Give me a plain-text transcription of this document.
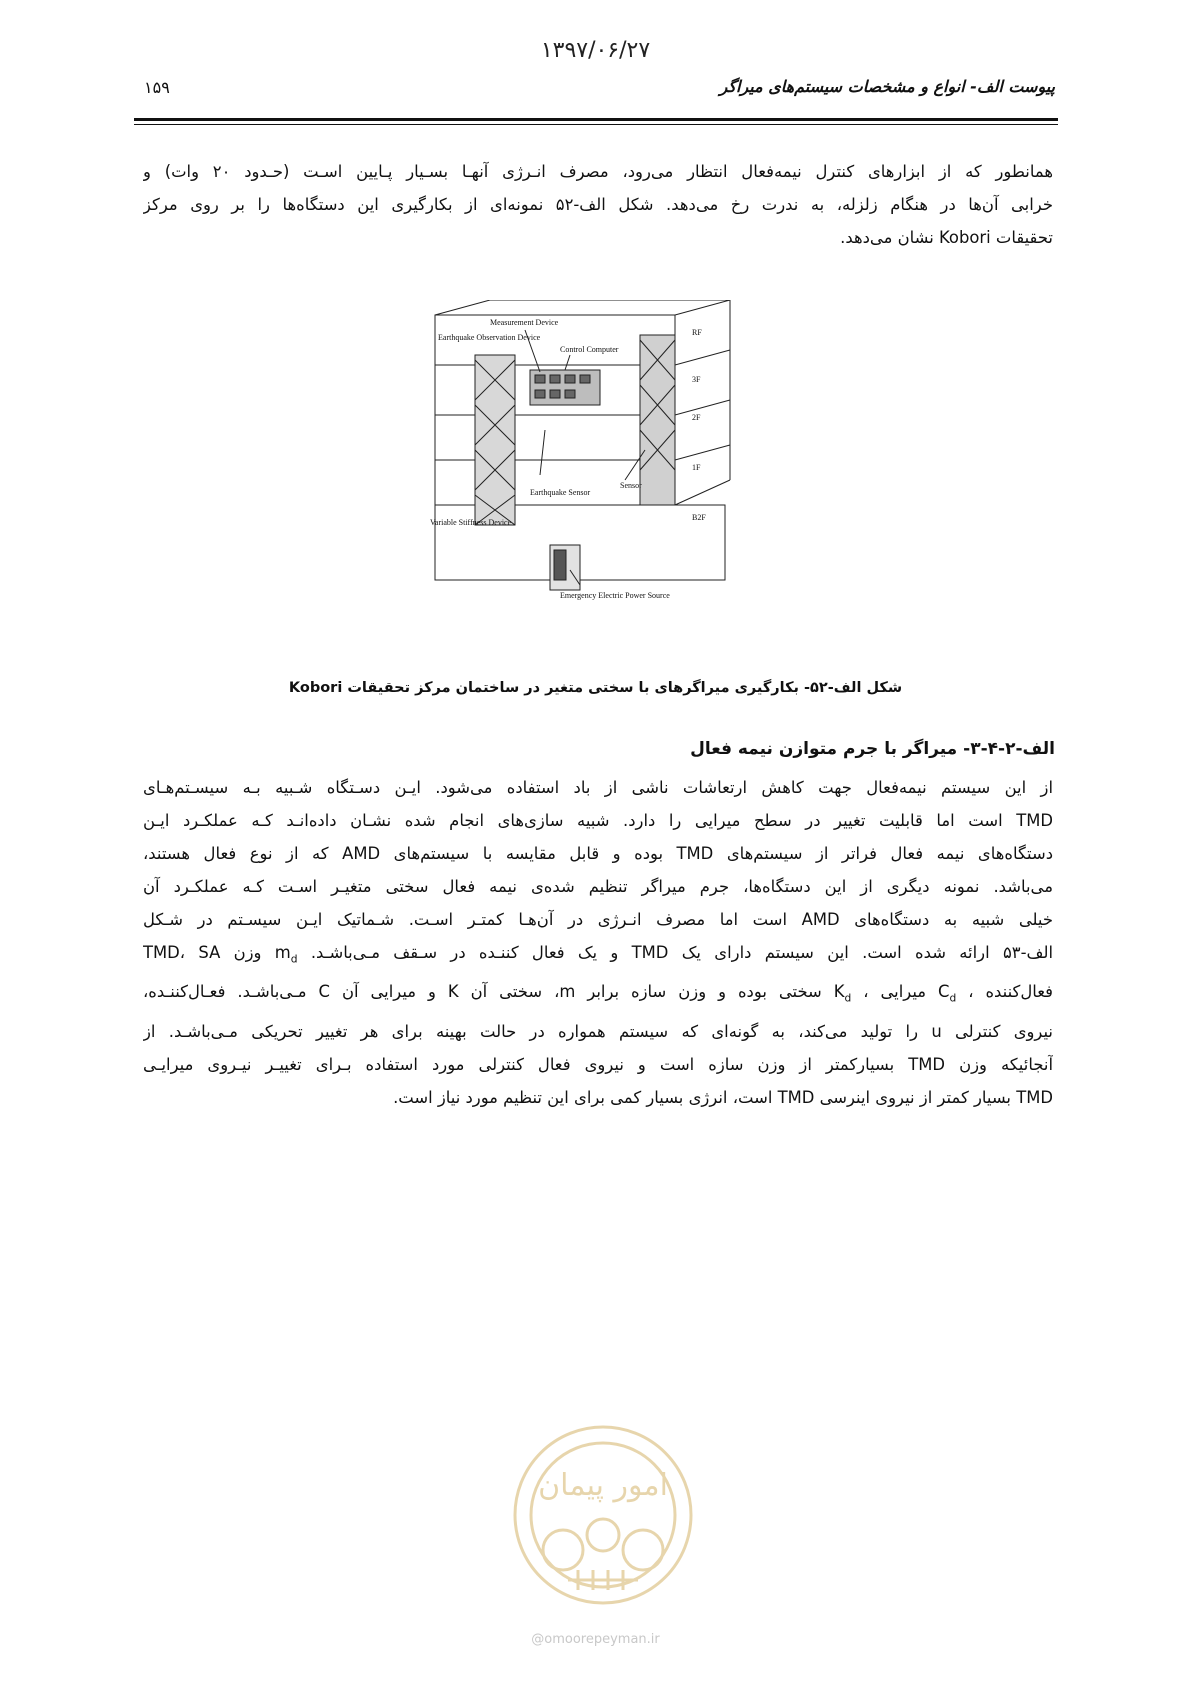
۱۳۹۷/۰۶/۲۷
پیوست الف- انواع و مشخصات سیستم‌های میراگر
۱۵۹
همانطور که از ابزارهای کنترل نیمه‌فعال انتظار می‌رود، مصرف انـرژی آنهـا بسـیار پـایین اسـت (حـدود ۲۰ وات) و
خرابی آن‌ها در هنگام زلزله، به ندرت رخ می‌دهد. شکل الف-۵۲ نمونه‌ای از بکارگیری این دستگاه‌ها را بر روی مرکز
تحقیقات Kobori نشان می‌دهد.
Earthquake Observation Device
Measurement Device
Control Computer
RF
3F
2F
1F
B2F
Sensor
Earthquake Sensor
Variable Stiffness Device
Emergency Electric Power Source
شکل الف-۵۲- بکارگیری میراگرهای با سختی متغیر در ساختمان مرکز تحقیقات Kobori
الف-۲-۴-۳- میراگر با جرم متوازن نیمه فعال
از این سیستم نیمه‌فعال جهت کاهش ارتعاشات ناشی از باد استفاده می‌شود. ایـن دسـتگاه شـبیه بـه سیسـتم‌هـای
TMD است اما قابلیت تغییر در سطح میرایی را دارد. شبیه سازی‌های انجام شده نشـان داده‌انـد کـه عملکـرد ایـن
دستگاه‌های نیمه فعال فراتر از سیستم‌های TMD بوده و قابل مقایسه با سیستم‌های AMD که از نوع فعال هستند،
می‌باشد. نمونه دیگری از این دستگاه‌ها، جرم میراگر تنظیم شده‌ی نیمه فعال سختی متغیـر اسـت کـه عملکـرد آن
خیلی شبیه به دستگاه‌های AMD است اما مصرف انـرژی در آن‌هـا کمتـر اسـت. شـماتیک ایـن سیسـتم در شـکل
الف-۵۳ ارائه شده است. این سیستم دارای یک TMD و یک فعال کننـده در سـقف مـی‌باشـد. $m_d$ وزن TMD، SA
فعال‌کننده ، $C_d$ میرایی ، $K_d$ سختی بوده و وزن سازه برابر m، سختی آن K و میرایی آن C مـی‌باشـد. فعـال‌کننـده،
نیروی کنترلی u را تولید می‌کند، به گونه‌ای که سیستم همواره در حالت بهینه برای هر تغییر تحریکی مـی‌باشـد. از
آنجائیکه وزن TMD بسیارکمتر از وزن سازه است و نیروی فعال کنترلی مورد استفاده بـرای تغییـر نیـروی میرایـی
TMD بسیار کمتر از نیروی اینرسی TMD است، انرژی بسیار کمی برای این تنظیم مورد نیاز است.
امور پیمان
@omoorepeyman.ir
